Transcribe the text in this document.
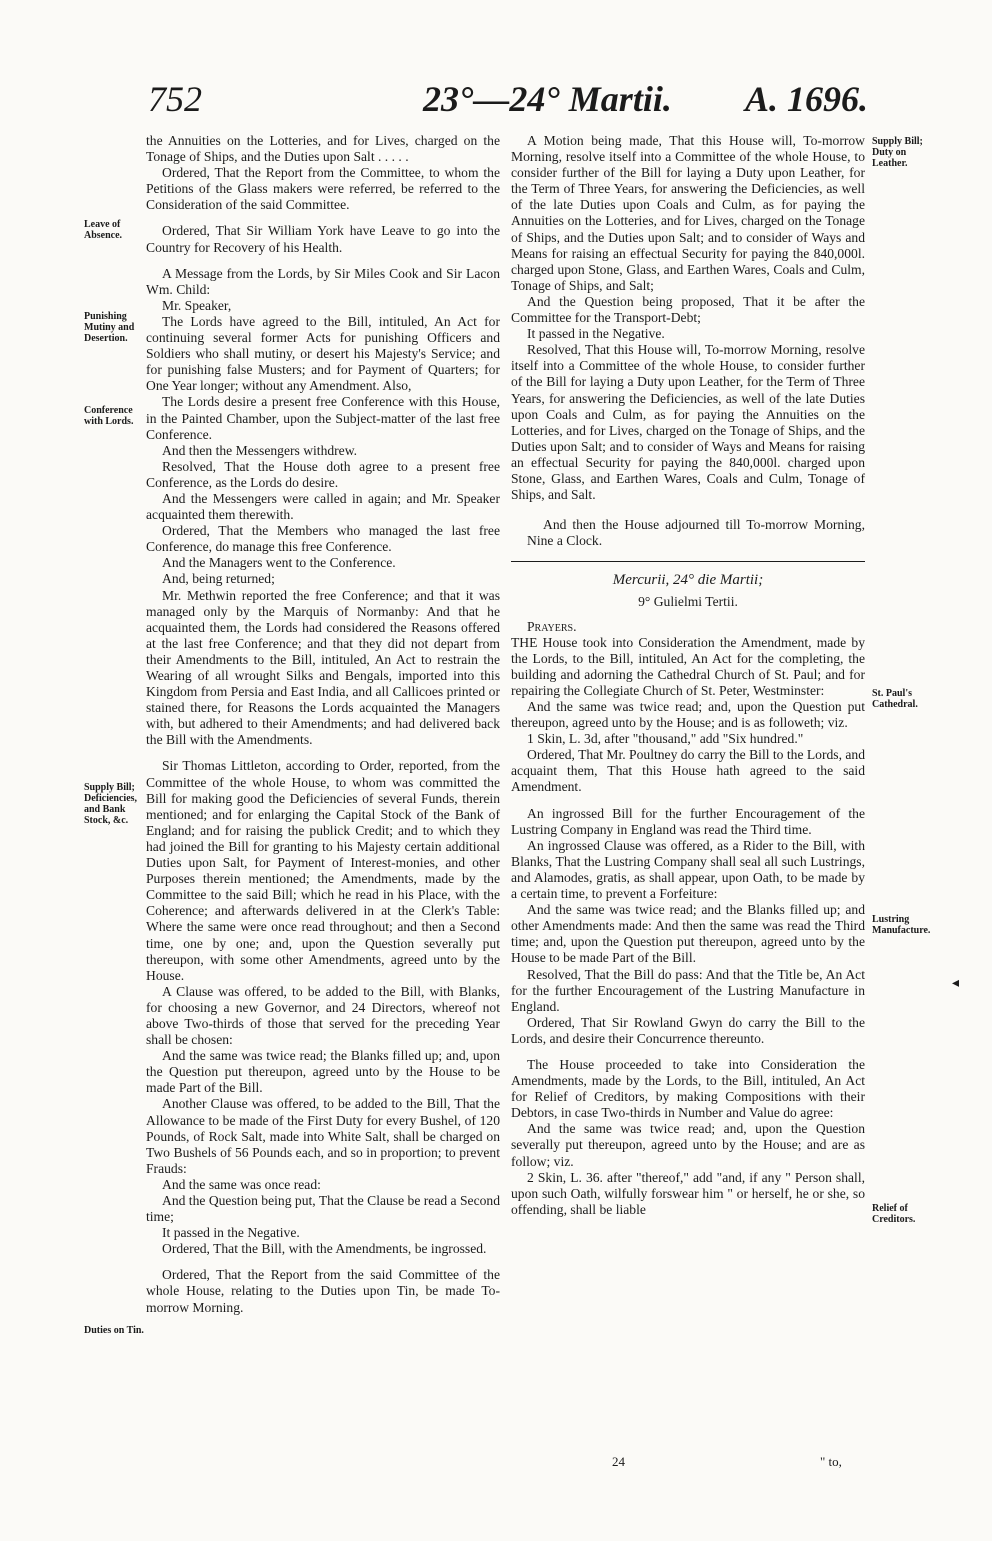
752	23°—24° Martii. A. 1696.
Leave of Absence.
Punishing Mutiny and Desertion.
Conference with Lords.
Supply Bill; Deficiencies, and Bank Stock, &c.
Duties on Tin.
Supply Bill; Duty on Leather.
St. Paul's Cathedral.
Lustring Manufacture.
Relief of Creditors.

the Annuities on the Lotteries, and for Lives, charged on the Tonage of Ships, and the Duties upon Salt . . . . .

Ordered, That the Report from the Committee, to whom the Petitions of the Glass makers were referred, be referred to the Consideration of the said Committee.

Ordered, That Sir William York have Leave to go into the Country for Recovery of his Health.

A Message from the Lords, by Sir Miles Cook and Sir Lacon Wm. Child:

Mr. Speaker,

The Lords have agreed to the Bill, intituled, An Act for continuing several former Acts for punishing Officers and Soldiers who shall mutiny, or desert his Majesty's Service; and for punishing false Musters; and for Payment of Quarters; for One Year longer; without any Amendment. Also,

The Lords desire a present free Conference with this House, in the Painted Chamber, upon the Subject-matter of the last free Conference.

And then the Messengers withdrew.

Resolved, That the House doth agree to a present free Conference, as the Lords do desire.

And the Messengers were called in again; and Mr. Speaker acquainted them therewith.

Ordered, That the Members who managed the last free Conference, do manage this free Conference.

And the Managers went to the Conference.

And, being returned;

Mr. Methwin reported the free Conference; and that it was managed only by the Marquis of Normanby: And that he acquainted them, the Lords had considered the Reasons offered at the last free Conference; and that they did not depart from their Amendments to the Bill, intituled, An Act to restrain the Wearing of all wrought Silks and Bengals, imported into this Kingdom from Persia and East India, and all Callicoes printed or stained there, for Reasons the Lords acquainted the Managers with, but adhered to their Amendments; and had delivered back the Bill with the Amendments.

Sir Thomas Littleton, according to Order, reported, from the Committee of the whole House, to whom was committed the Bill for making good the Deficiencies of several Funds, therein mentioned; and for enlarging the Capital Stock of the Bank of England; and for raising the publick Credit; and to which they had joined the Bill for granting to his Majesty certain additional Duties upon Salt, for Payment of Interest-monies, and other Purposes therein mentioned; the Amendments, made by the Committee to the said Bill; which he read in his Place, with the Coherence; and afterwards delivered in at the Clerk's Table: Where the same were once read throughout; and then a Second time, one by one; and, upon the Question severally put thereupon, with some other Amendments, agreed unto by the House.

A Clause was offered, to be added to the Bill, with Blanks, for choosing a new Governor, and 24 Directors, whereof not above Two-thirds of those that served for the preceding Year shall be chosen:

And the same was twice read; the Blanks filled up; and, upon the Question put thereupon, agreed unto by the House to be made Part of the Bill.

Another Clause was offered, to be added to the Bill, That the Allowance to be made of the First Duty for every Bushel, of 120 Pounds, of Rock Salt, made into White Salt, shall be charged on Two Bushels of 56 Pounds each, and so in proportion; to prevent Frauds:

And the same was once read:

And the Question being put, That the Clause be read a Second time;

It passed in the Negative.

Ordered, That the Bill, with the Amendments, be ingrossed.

Ordered, That the Report from the said Committee of the whole House, relating to the Duties upon Tin, be made To-morrow Morning.

A Motion being made, That this House will, To-morrow Morning, resolve itself into a Committee of the whole House, to consider further of the Bill for laying a Duty upon Leather, for the Term of Three Years, for answering the Deficiencies, as well of the late Duties upon Coals and Culm, as for paying the Annuities on the Lotteries, and for Lives, charged on the Tonage of Ships, and the Duties upon Salt; and to consider of Ways and Means for raising an effectual Security for paying the 840,000l. charged upon Stone, Glass, and Earthen Wares, Coals and Culm, Tonage of Ships, and Salt;

And the Question being proposed, That it be after the Committee for the Transport-Debt;

It passed in the Negative.

Resolved, That this House will, To-morrow Morning, resolve itself into a Committee of the whole House, to consider further of the Bill for laying a Duty upon Leather, for the Term of Three Years, for answering the Deficiencies, as well of the late Duties upon Coals and Culm, as for paying the Annuities on the Lotteries, and for Lives, charged on the Tonage of Ships, and the Duties upon Salt; and to consider of Ways and Means for raising an effectual Security for paying the 840,000l. charged upon Stone, Glass, and Earthen Wares, Coals and Culm, Tonage of Ships, and Salt.

And then the House adjourned till To-morrow Morning, Nine a Clock.

Mercurii, 24° die Martii;
9° Gulielmi Tertii.

Prayers.

THE House took into Consideration the Amendment, made by the Lords, to the Bill, intituled, An Act for the completing, the building and adorning the Cathedral Church of St. Paul; and for repairing the Collegiate Church of St. Peter, Westminster:

And the same was twice read; and, upon the Question put thereupon, agreed unto by the House; and is as followeth; viz.

1 Skin, L. 3d, after "thousand," add "Six hundred."

Ordered, That Mr. Poultney do carry the Bill to the Lords, and acquaint them, That this House hath agreed to the said Amendment.

An ingrossed Bill for the further Encouragement of the Lustring Company in England was read the Third time.

An ingrossed Clause was offered, as a Rider to the Bill, with Blanks, That the Lustring Company shall seal all such Lustrings, and Alamodes, gratis, as shall appear, upon Oath, to be made by a certain time, to prevent a Forfeiture:

And the same was twice read; and the Blanks filled up; and other Amendments made: And then the same was read the Third time; and, upon the Question put thereupon, agreed unto by the House to be made Part of the Bill.

Resolved, That the Bill do pass: And that the Title be, An Act for the further Encouragement of the Lustring Manufacture in England.

Ordered, That Sir Rowland Gwyn do carry the Bill to the Lords, and desire their Concurrence thereunto.

The House proceeded to take into Consideration the Amendments, made by the Lords, to the Bill, intituled, An Act for Relief of Creditors, by making Compositions with their Debtors, in case Two-thirds in Number and Value do agree:

And the same was twice read; and, upon the Question severally put thereupon, agreed unto by the House; and are as follow; viz.

2 Skin, L. 36. after "thereof," add "and, if any " Person shall, upon such Oath, wilfully forswear him " or herself, he or she, so offending, shall be liable

24	" to,
◂
